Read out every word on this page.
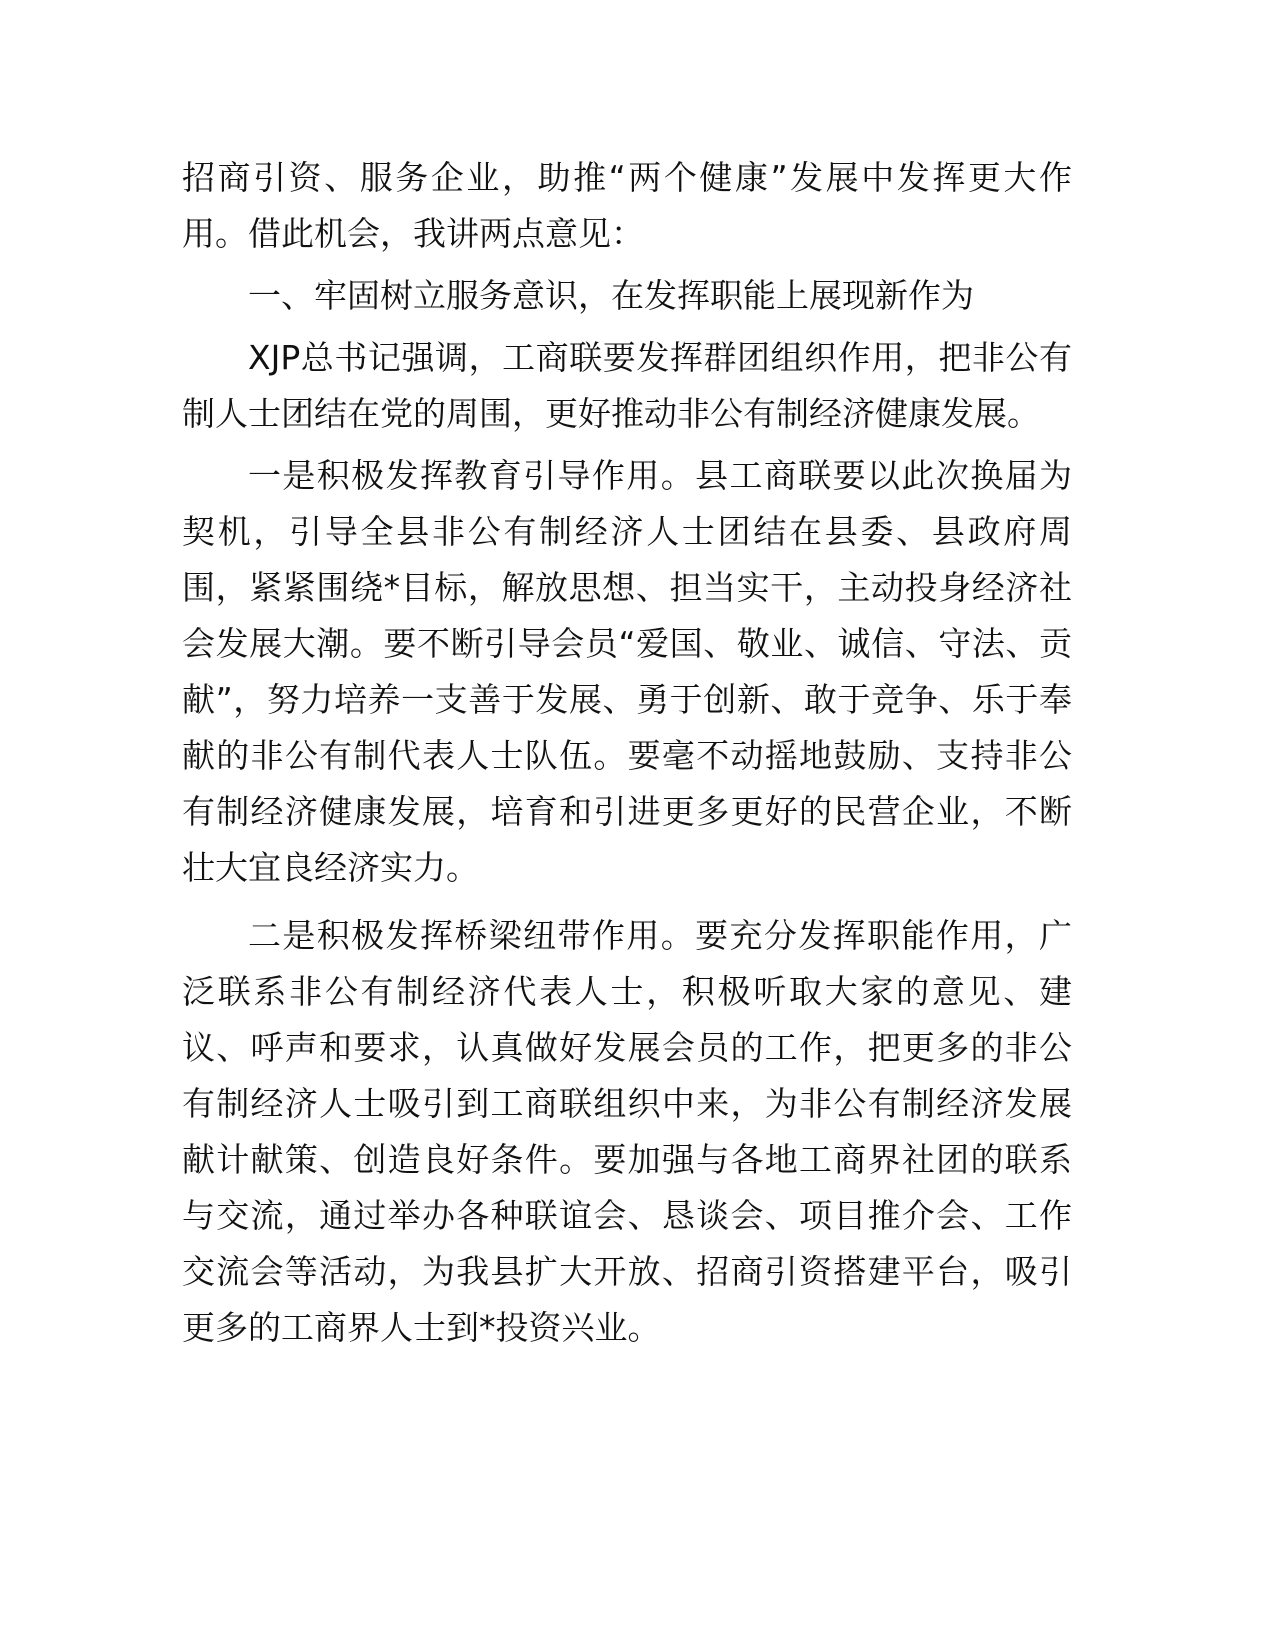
招商引资、服务企业，助推“两个健康”发展中发挥更大作用。借此机会，我讲两点意见：

一、牢固树立服务意识，在发挥职能上展现新作为

XJP总书记强调，工商联要发挥群团组织作用，把非公有制人士团结在党的周围，更好推动非公有制经济健康发展。

一是积极发挥教育引导作用。县工商联要以此次换届为契机，引导全县非公有制经济人士团结在县委、县政府周围，紧紧围绕*目标，解放思想、担当实干，主动投身经济社会发展大潮。要不断引导会员“爱国、敬业、诚信、守法、贡献”，努力培养一支善于发展、勇于创新、敢于竞争、乐于奉献的非公有制代表人士队伍。要毫不动摇地鼓励、支持非公有制经济健康发展，培育和引进更多更好的民营企业，不断壮大宜良经济实力。

二是积极发挥桥梁纽带作用。要充分发挥职能作用，广泛联系非公有制经济代表人士，积极听取大家的意见、建议、呼声和要求，认真做好发展会员的工作，把更多的非公有制经济人士吸引到工商联组织中来，为非公有制经济发展献计献策、创造良好条件。要加强与各地工商界社团的联系与交流，通过举办各种联谊会、恳谈会、项目推介会、工作交流会等活动，为我县扩大开放、招商引资搭建平台，吸引更多的工商界人士到*投资兴业。
